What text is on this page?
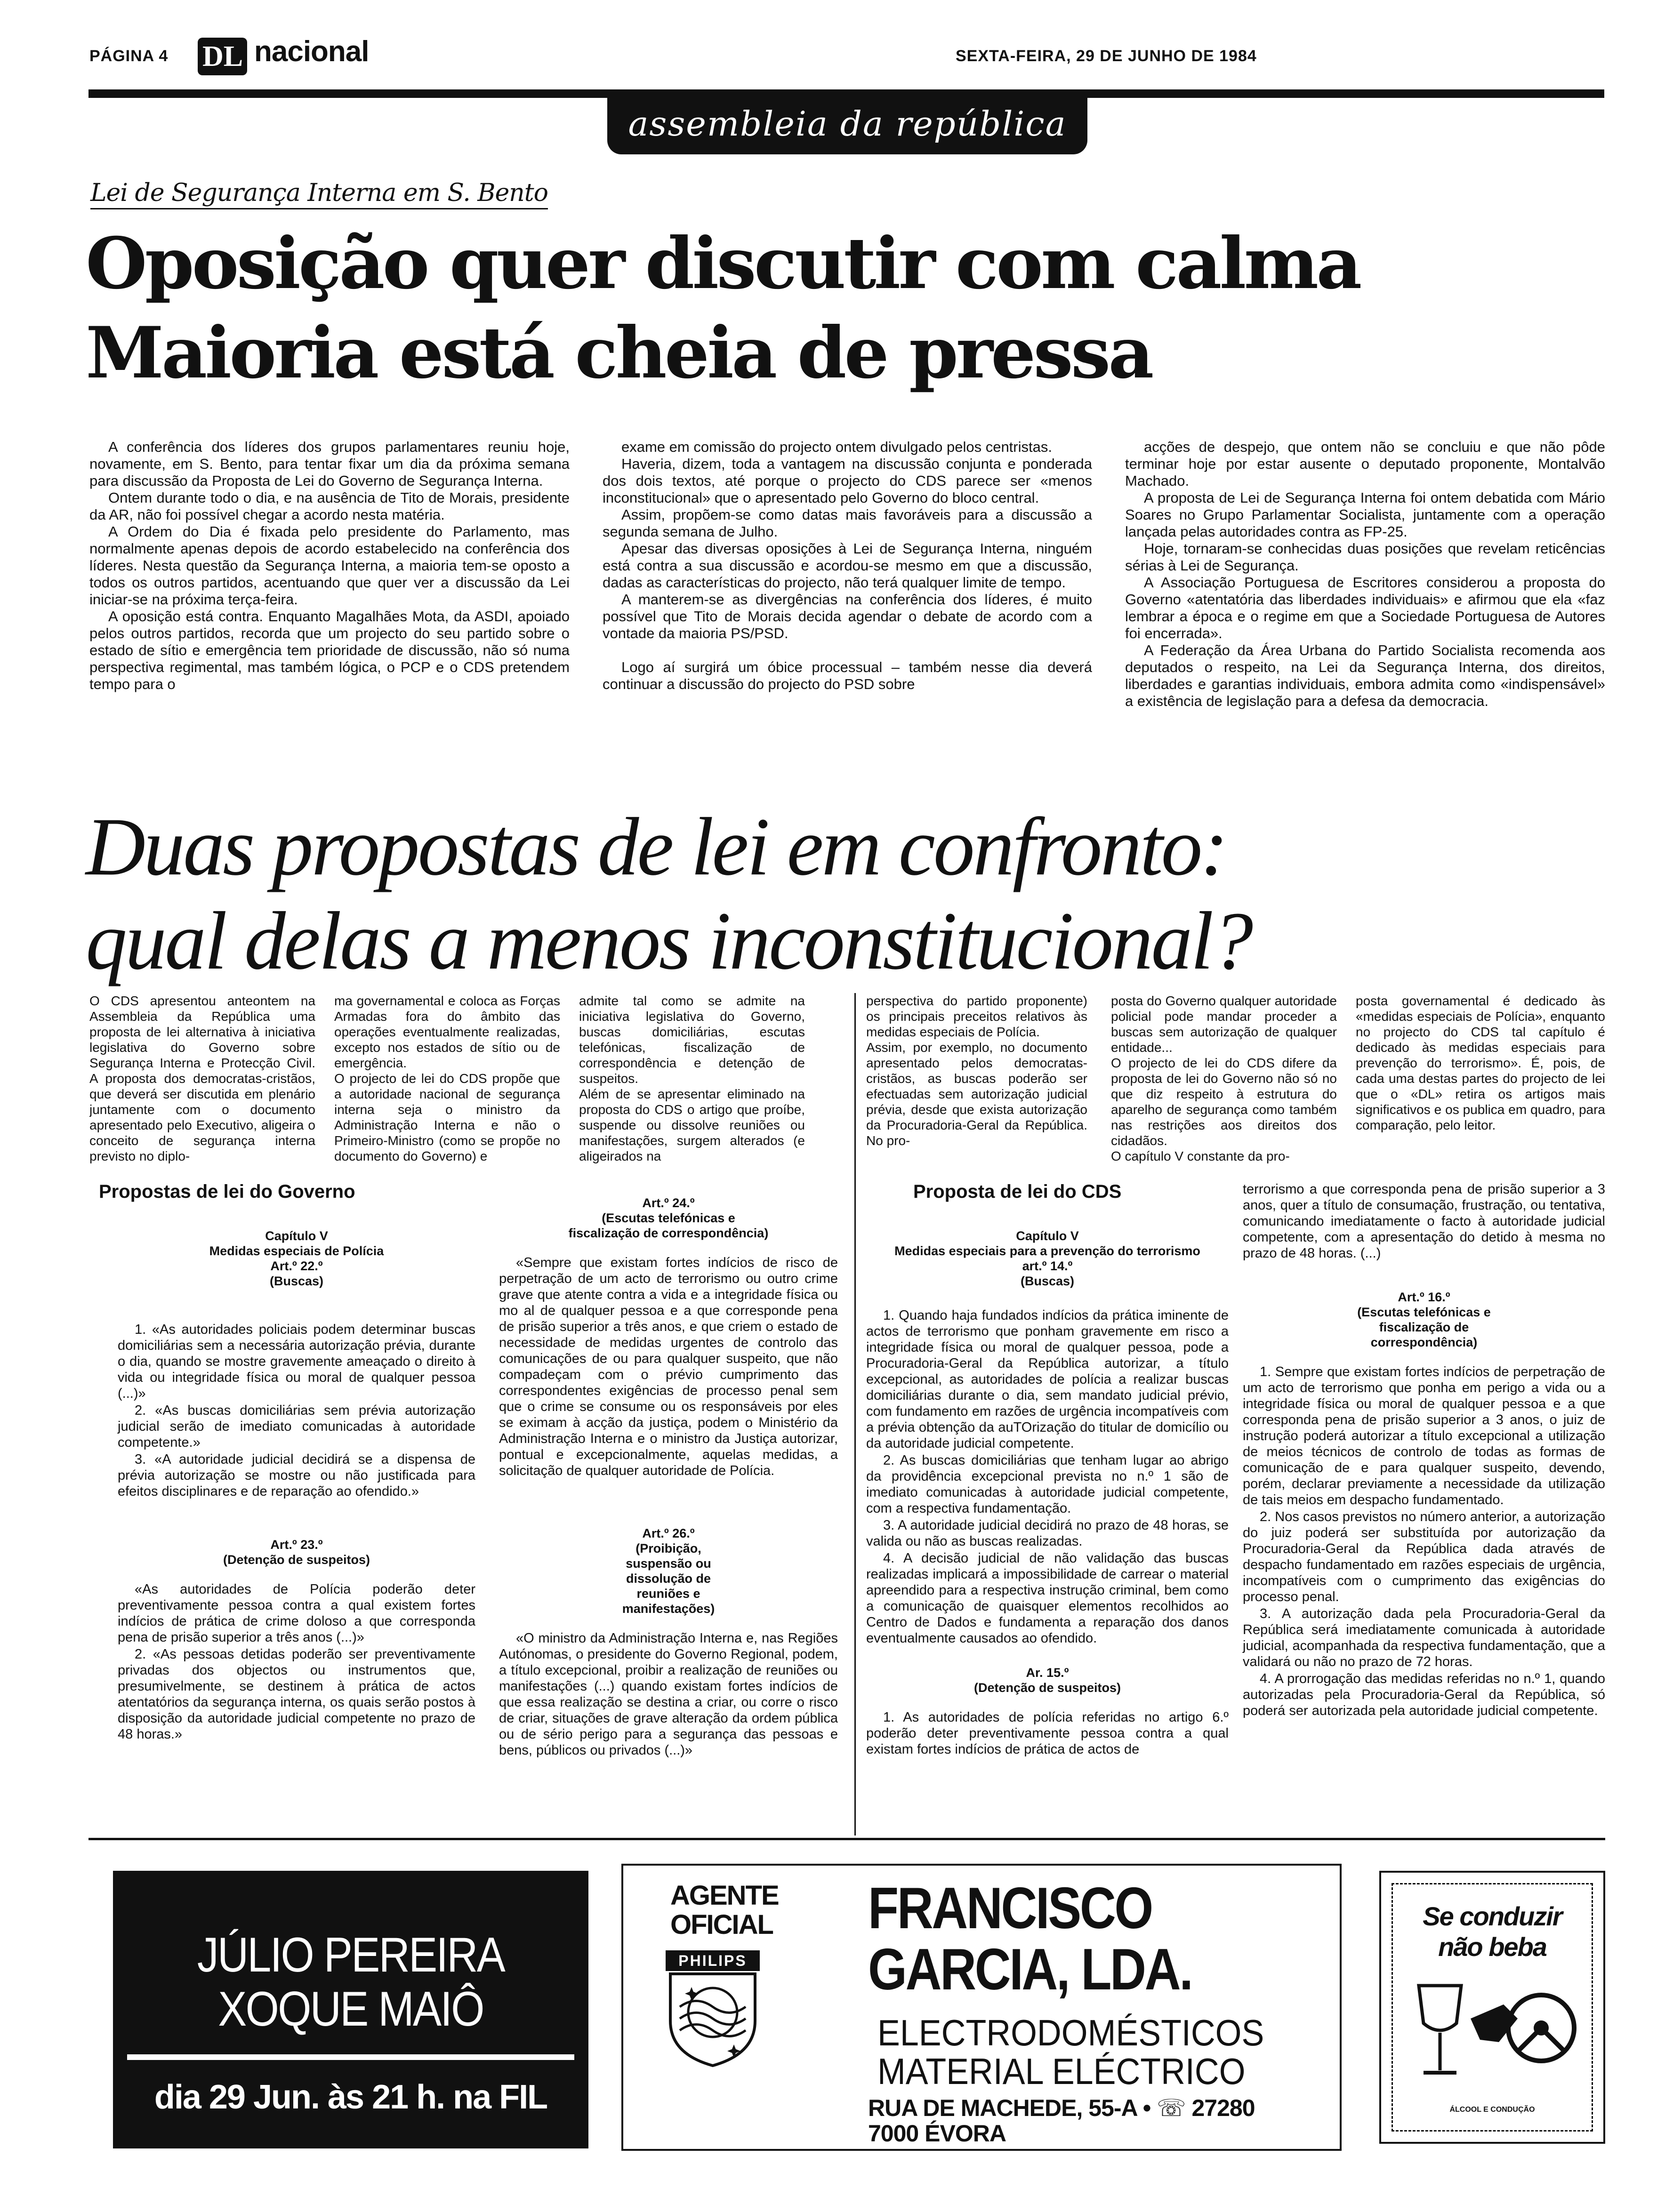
PÁGINA 4 DL nacional	SEXTA-FEIRA, 29 DE JUNHO DE 1984
assembleia da república
Lei de Segurança Interna em S. Bento
Oposição quer discutir com calma
Maioria está cheia de pressa

A conferência dos líderes dos grupos parlamentares reuniu hoje, novamente, em S. Bento, para tentar fixar um dia da próxima semana para discussão da Proposta de Lei do Governo de Segurança Interna.

Ontem durante todo o dia, e na ausência de Tito de Morais, presidente da AR, não foi possível chegar a acordo nesta matéria.

A Ordem do Dia é fixada pelo presidente do Parlamento, mas normalmente apenas depois de acordo estabelecido na conferência dos líderes. Nesta questão da Segurança Interna, a maioria tem-se oposto a todos os outros partidos, acentuando que quer ver a discussão da Lei iniciar-se na próxima terça-feira.

A oposição está contra. Enquanto Magalhães Mota, da ASDI, apoiado pelos outros partidos, recorda que um projecto do seu partido sobre o estado de sítio e emergência tem prioridade de discussão, não só numa perspectiva regimental, mas também lógica, o PCP e o CDS pretendem tempo para o

exame em comissão do projecto ontem divulgado pelos centristas.

Haveria, dizem, toda a vantagem na discussão conjunta e ponderada dos dois textos, até porque o projecto do CDS parece ser «menos inconstitucional» que o apresentado pelo Governo do bloco central.

Assim, propõem-se como datas mais favoráveis para a discussão a segunda semana de Julho.

Apesar das diversas oposições à Lei de Segurança Interna, ninguém está contra a sua discussão e acordou-se mesmo em que a discussão, dadas as características do projecto, não terá qualquer limite de tempo.

A manterem-se as divergências na conferência dos líderes, é muito possível que Tito de Morais decida agendar o debate de acordo com a vontade da maioria PS/PSD.

Logo aí surgirá um óbice processual – também nesse dia deverá continuar a discussão do projecto do PSD sobre

acções de despejo, que ontem não se concluiu e que não pôde terminar hoje por estar ausente o deputado proponente, Montalvão Machado.

A proposta de Lei de Segurança Interna foi ontem debatida com Mário Soares no Grupo Parlamentar Socialista, juntamente com a operação lançada pelas autoridades contra as FP-25.

Hoje, tornaram-se conhecidas duas posições que revelam reticências sérias à Lei de Segurança.

A Associação Portuguesa de Escritores considerou a proposta do Governo «atentatória das liberdades individuais» e afirmou que ela «faz lembrar a época e o regime em que a Sociedade Portuguesa de Autores foi encerrada».

A Federação da Área Urbana do Partido Socialista recomenda aos deputados o respeito, na Lei da Segurança Interna, dos direitos, liberdades e garantias individuais, embora admita como «indispensável» a existência de legislação para a defesa da democracia.

Duas propostas de lei em confronto:
qual delas a menos inconstitucional?
O CDS apresentou anteontem na Assembleia da República uma proposta de lei alternativa à iniciativa legislativa do Governo sobre Segurança Interna e Protecção Civil. A proposta dos democratas-cristãos, que deverá ser discutida em plenário juntamente com o documento apresentado pelo Executivo, aligeira o conceito de segurança interna previsto no diplo-
ma governamental e coloca as Forças Armadas fora do âmbito das operações eventualmente realizadas, excepto nos estados de sítio ou de emergência.
O projecto de lei do CDS propõe que a autoridade nacional de segurança interna seja o ministro da Administração Interna e não o Primeiro-Ministro (como se propõe no documento do Governo) e
admite tal como se admite na iniciativa legislativa do Governo, buscas domiciliárias, escutas telefónicas, fiscalização de correspondência e detenção de suspeitos.
Além de se apresentar eliminado na proposta do CDS o artigo que proíbe, suspende ou dissolve reuniões ou manifestações, surgem alterados (e aligeirados na
perspectiva do partido proponente) os principais preceitos relativos às medidas especiais de Polícia.
Assim, por exemplo, no documento apresentado pelos democratas-cristãos, as buscas poderão ser efectuadas sem autorização judicial prévia, desde que exista autorização da Procuradoria-Geral da República. No pro-
posta do Governo qualquer autoridade policial pode mandar proceder a buscas sem autorização de qualquer entidade...
O projecto de lei do CDS difere da proposta de lei do Governo não só no que diz respeito à estrutura do aparelho de segurança como também nas restrições aos direitos dos cidadãos.
O capítulo V constante da pro-
posta governamental é dedicado às «medidas especiais de Polícia», enquanto no projecto do CDS tal capítulo é dedicado às medidas especiais para prevenção do terrorismo». É, pois, de cada uma destas partes do projecto de lei que o «DL» retira os artigos mais significativos e os publica em quadro, para comparação, pelo leitor.
Propostas de lei do Governo
Capítulo V
Medidas especiais de Polícia
Art.º 22.º
(Buscas)

1. «As autoridades policiais podem determinar buscas domiciliárias sem a necessária autorização prévia, durante o dia, quando se mostre gravemente ameaçado o direito à vida ou integridade física ou moral de qualquer pessoa (...)»

2. «As buscas domiciliárias sem prévia autorização judicial serão de imediato comunicadas à autoridade competente.»

3. «A autoridade judicial decidirá se a dispensa de prévia autorização se mostre ou não justificada para efeitos disciplinares e de reparação ao ofendido.»

Art.º 23.º
(Detenção de suspeitos)

«As autoridades de Polícia poderão deter preventivamente pessoa contra a qual existem fortes indícios de prática de crime doloso a que corresponda pena de prisão superior a três anos (...)»

2. «As pessoas detidas poderão ser preventivamente privadas dos objectos ou instrumentos que, presumivelmente, se destinem à prática de actos atentatórios da segurança interna, os quais serão postos à disposição da autoridade judicial competente no prazo de 48 horas.»

Art.º 24.º
(Escutas telefónicas e fiscalização de correspondência)

«Sempre que existam fortes indícios de risco de perpetração de um acto de terrorismo ou outro crime grave que atente contra a vida e a integridade física ou mo al de qualquer pessoa e a que corresponde pena de prisão superior a três anos, e que criem o estado de necessidade de medidas urgentes de controlo das comunicações de ou para qualquer suspeito, que não compadeçam com o prévio cumprimento das correspondentes exigências de processo penal sem que o crime se consume ou os responsáveis por eles se eximam à acção da justiça, podem o Ministério da Administração Interna e o ministro da Justiça autorizar, pontual e excepcionalmente, aquelas medidas, a solicitação de qualquer autoridade de Polícia.

Art.º 26.º
(Proibição, suspensão ou dissolução de reuniões e manifestações)

«O ministro da Administração Interna e, nas Regiões Autónomas, o presidente do Governo Regional, podem, a título excepcional, proibir a realização de reuniões ou manifestações (...) quando existam fortes indícios de que essa realização se destina a criar, ou corre o risco de criar, situações de grave alteração da ordem pública ou de sério perigo para a segurança das pessoas e bens, públicos ou privados (...)»

Proposta de lei do CDS
Capítulo V
Medidas especiais para a prevenção do terrorismo
art.º 14.º
(Buscas)

1. Quando haja fundados indícios da prática iminente de actos de terrorismo que ponham gravemente em risco a integridade física ou moral de qualquer pessoa, pode a Procuradoria-Geral da República autorizar, a título excepcional, as autoridades de polícia a realizar buscas domiciliárias durante o dia, sem mandato judicial prévio, com fundamento em razões de urgência incompatíveis com a prévia obtenção da auTOrização do titular de domicílio ou da autoridade judicial competente.

2. As buscas domiciliárias que tenham lugar ao abrigo da providência excepcional prevista no n.º 1 são de imediato comunicadas à autoridade judicial competente, com a respectiva fundamentação.

3. A autoridade judicial decidirá no prazo de 48 horas, se valida ou não as buscas realizadas.

4. A decisão judicial de não validação das buscas realizadas implicará a impossibilidade de carrear o material apreendido para a respectiva instrução criminal, bem como a comunicação de quaisquer elementos recolhidos ao Centro de Dados e fundamenta a reparação dos danos eventualmente causados ao ofendido.

Ar. 15.º
(Detenção de suspeitos)

1. As autoridades de polícia referidas no artigo 6.º poderão deter preventivamente pessoa contra a qual existam fortes indícios de prática de actos de

terrorismo a que corresponda pena de prisão superior a 3 anos, quer a título de consumação, frustração, ou tentativa, comunicando imediatamente o facto à autoridade judicial competente, com a apresentação do detido à mesma no prazo de 48 horas. (...)

Art.º 16.º
(Escutas telefónicas e fiscalização de correspondência)

1. Sempre que existam fortes indícios de perpetração de um acto de terrorismo que ponha em perigo a vida ou a integridade física ou moral de qualquer pessoa e a que corresponda pena de prisão superior a 3 anos, o juiz de instrução poderá autorizar a título excepcional a utilização de meios técnicos de controlo de todas as formas de comunicação de e para qualquer suspeito, devendo, porém, declarar previamente a necessidade da utilização de tais meios em despacho fundamentado.

2. Nos casos previstos no número anterior, a autorização do juiz poderá ser substituída por autorização da Procuradoria-Geral da República dada através de despacho fundamentado em razões especiais de urgência, incompatíveis com o cumprimento das exigências do processo penal.

3. A autorização dada pela Procuradoria-Geral da República será imediatamente comunicada à autoridade judicial, acompanhada da respectiva fundamentação, que a validará ou não no prazo de 72 horas.

4. A prorrogação das medidas referidas no n.º 1, quando autorizadas pela Procuradoria-Geral da República, só poderá ser autorizada pela autoridade judicial competente.

JÚLIO PEREIRA
XOQUE MAIÔ
dia 29 Jun. às 21 h. na FIL
AGENTE
OFICIAL
PHILIPS
FRANCISCO
GARCIA, LDA.
ELECTRODOMÉSTICOS
MATERIAL ELÉCTRICO
RUA DE MACHEDE, 55-A • ☏ 27280
7000 ÉVORA
Se conduzir
não beba
ÁLCOOL E CONDUÇÃO
